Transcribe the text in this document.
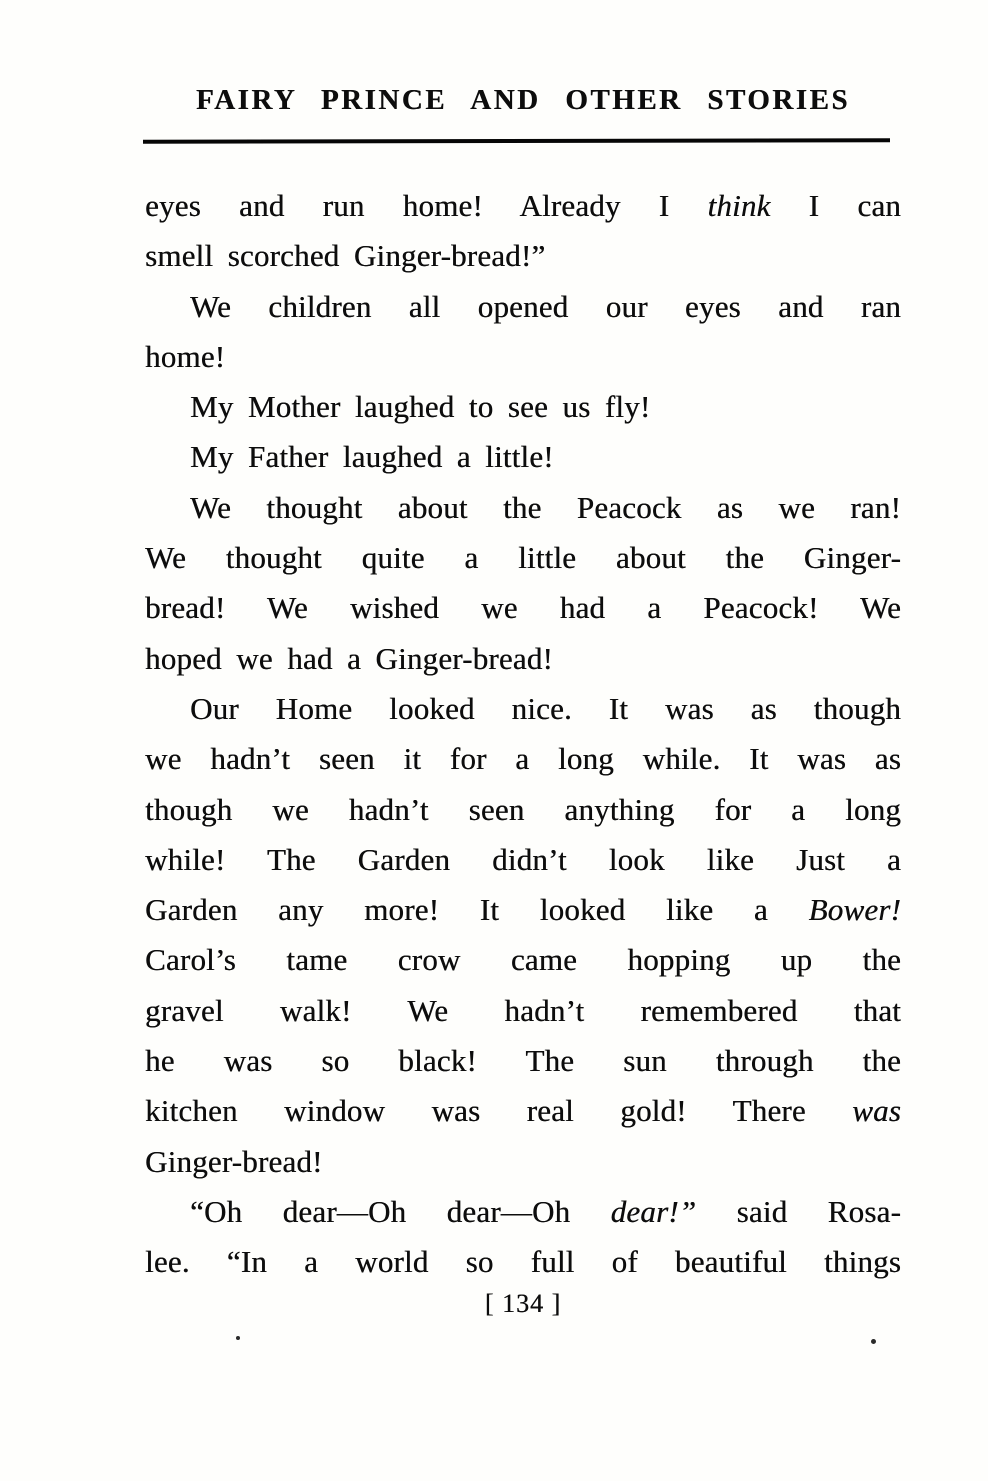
FAIRY PRINCE AND OTHER STORIES
eyes and run home! Already I think I can
smell scorched Ginger-bread!”
We children all opened our eyes and ran
home!
My Mother laughed to see us fly!
My Father laughed a little!
We thought about the Peacock as we ran!
We thought quite a little about the Ginger-
bread! We wished we had a Peacock! We
hoped we had a Ginger-bread!
Our Home looked nice. It was as though
we hadn’t seen it for a long while. It was as
though we hadn’t seen anything for a long
while! The Garden didn’t look like Just a
Garden any more! It looked like a Bower!
Carol’s tame crow came hopping up the
gravel walk! We hadn’t remembered that
he was so black! The sun through the
kitchen window was real gold! There was
Ginger-bread!
“Oh dear—Oh dear—Oh dear!” said Rosa-
lee. “In a world so full of beautiful things
[ 134 ]
